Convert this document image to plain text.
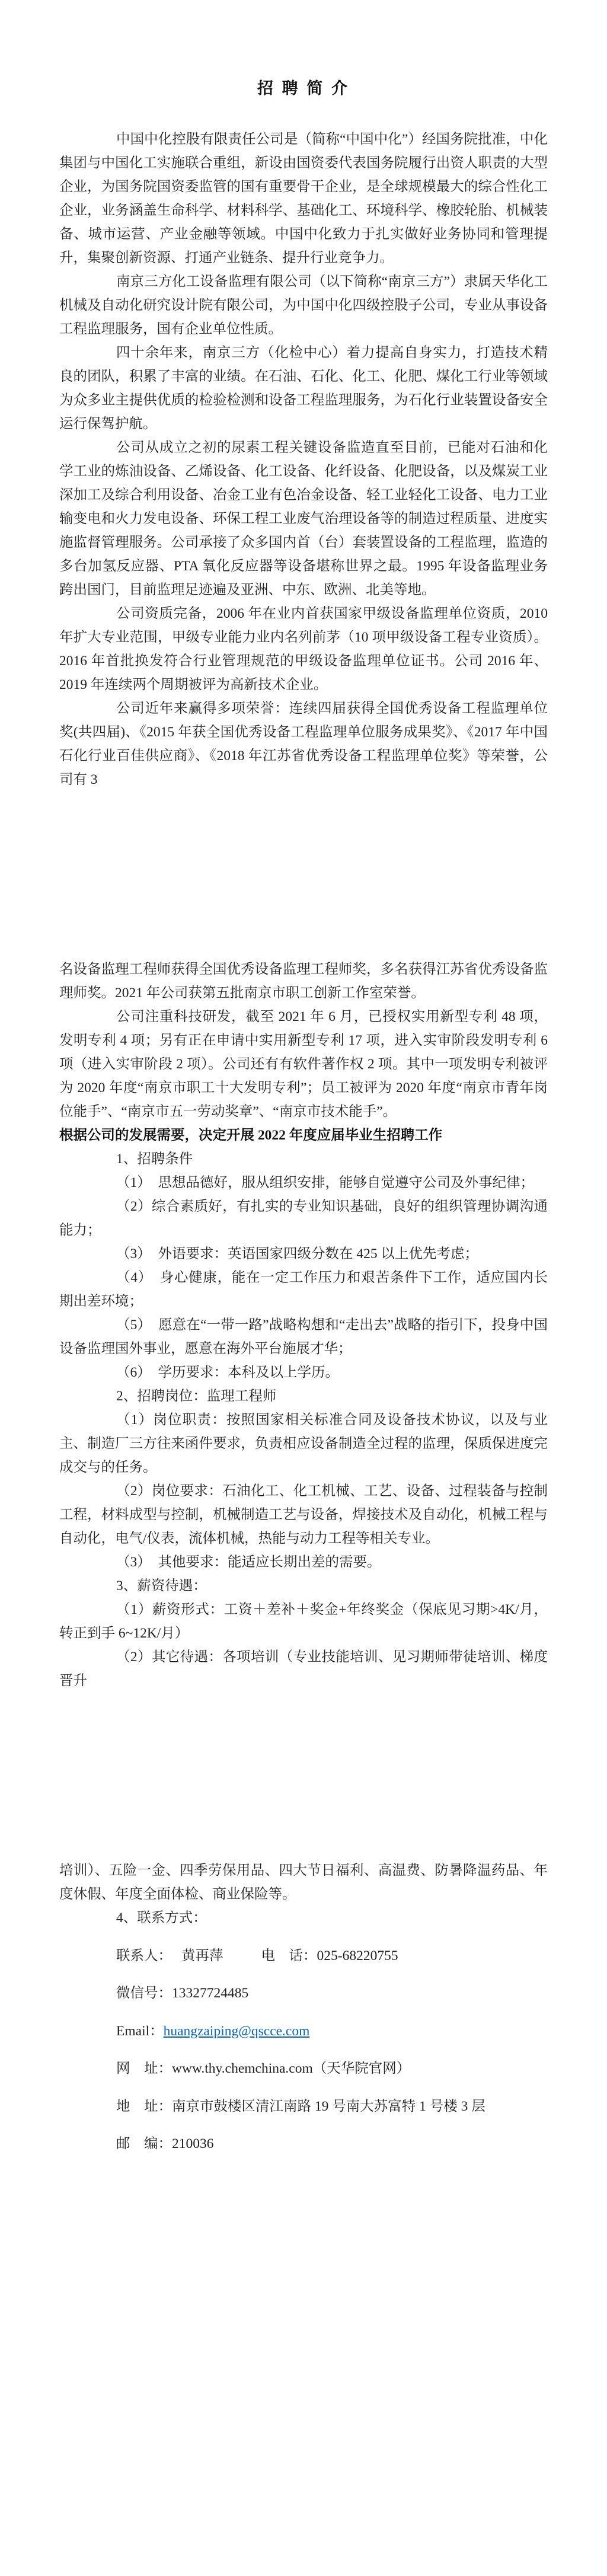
招 聘 简 介

中国中化控股有限责任公司是（简称“中国中化”）经国务院批准，中化集团与中国化工实施联合重组，新设由国资委代表国务院履行出资人职责的大型企业，为国务院国资委监管的国有重要骨干企业，是全球规模最大的综合性化工企业，业务涵盖生命科学、材料科学、基础化工、环境科学、橡胶轮胎、机械装备、城市运营、产业金融等领域。中国中化致力于扎实做好业务协同和管理提升，集聚创新资源、打通产业链条、提升行业竞争力。

南京三方化工设备监理有限公司（以下简称“南京三方”）隶属天华化工机械及自动化研究设计院有限公司，为中国中化四级控股子公司，专业从事设备工程监理服务，国有企业单位性质。

四十余年来，南京三方（化检中心）着力提高自身实力，打造技术精良的团队，积累了丰富的业绩。在石油、石化、化工、化肥、煤化工行业等领域为众多业主提供优质的检验检测和设备工程监理服务，为石化行业装置设备安全运行保驾护航。

公司从成立之初的尿素工程关键设备监造直至目前，已能对石油和化学工业的炼油设备、乙烯设备、化工设备、化纤设备、化肥设备，以及煤炭工业深加工及综合利用设备、冶金工业有色冶金设备、轻工业轻化工设备、电力工业输变电和火力发电设备、环保工程工业废气治理设备等的制造过程质量、进度实施监督管理服务。公司承接了众多国内首（台）套装置设备的工程监理，监造的多台加氢反应器、PTA 氧化反应器等设备堪称世界之最。1995 年设备监理业务跨出国门，目前监理足迹遍及亚洲、中东、欧洲、北美等地。

公司资质完备，2006 年在业内首获国家甲级设备监理单位资质，2010 年扩大专业范围，甲级专业能力业内名列前茅（10 项甲级设备工程专业资质）。2016 年首批换发符合行业管理规范的甲级设备监理单位证书。公司 2016 年、2019 年连续两个周期被评为高新技术企业。

公司近年来赢得多项荣誉：连续四届获得全国优秀设备工程监理单位奖(共四届)、《2015 年获全国优秀设备工程监理单位服务成果奖》、《2017 年中国石化行业百佳供应商》、《2018 年江苏省优秀设备工程监理单位奖》等荣誉，公司有 3

名设备监理工程师获得全国优秀设备监理工程师奖，多名获得江苏省优秀设备监理师奖。2021 年公司获第五批南京市职工创新工作室荣誉。

公司注重科技研发，截至 2021 年 6 月，已授权实用新型专利 48 项，发明专利 4 项；另有正在申请中实用新型专利 17 项，进入实审阶段发明专利 6 项（进入实审阶段 2 项）。公司还有有软件著作权 2 项。其中一项发明专利被评为 2020 年度“南京市职工十大发明专利”；员工被评为 2020 年度“南京市青年岗位能手”、“南京市五一劳动奖章”、“南京市技术能手”。

根据公司的发展需要，决定开展 2022 年度应届毕业生招聘工作

1、招聘条件

（1）　思想品德好，服从组织安排，能够自觉遵守公司及外事纪律；

（2）综合素质好，有扎实的专业知识基础，良好的组织管理协调沟通能力；

（3）　外语要求：英语国家四级分数在 425 以上优先考虑；

（4）　身心健康，能在一定工作压力和艰苦条件下工作，适应国内长期出差环境；

（5）　愿意在“一带一路”战略构想和“走出去”战略的指引下，投身中国设备监理国外事业，愿意在海外平台施展才华；

（6）　学历要求：本科及以上学历。

2、招聘岗位：监理工程师

（1）岗位职责：按照国家相关标准合同及设备技术协议，以及与业主、制造厂三方往来函件要求，负责相应设备制造全过程的监理，保质保进度完成交与的任务。

（2）岗位要求：石油化工、化工机械、工艺、设备、过程装备与控制工程，材料成型与控制，机械制造工艺与设备，焊接技术及自动化，机械工程与自动化，电气/仪表，流体机械，热能与动力工程等相关专业。

（3）　其他要求：能适应长期出差的需要。

3、薪资待遇：

（1）薪资形式：工资＋差补＋奖金+年终奖金（保底见习期>4K/月，转正到手 6~12K/月）

（2）其它待遇：各项培训（专业技能培训、见习期师带徒培训、梯度晋升

培训）、五险一金、四季劳保用品、四大节日福利、高温费、防暑降温药品、年度休假、年度全面体检、商业保险等。

4、联系方式：

联系人： 黄再萍	电　话：025-68220755

微信号：13327724485

Email：huangzaiping@qscce.com

网　址：www.thy.chemchina.com（天华院官网）

地　址：南京市鼓楼区清江南路 19 号南大苏富特 1 号楼 3 层

邮　编：210036
